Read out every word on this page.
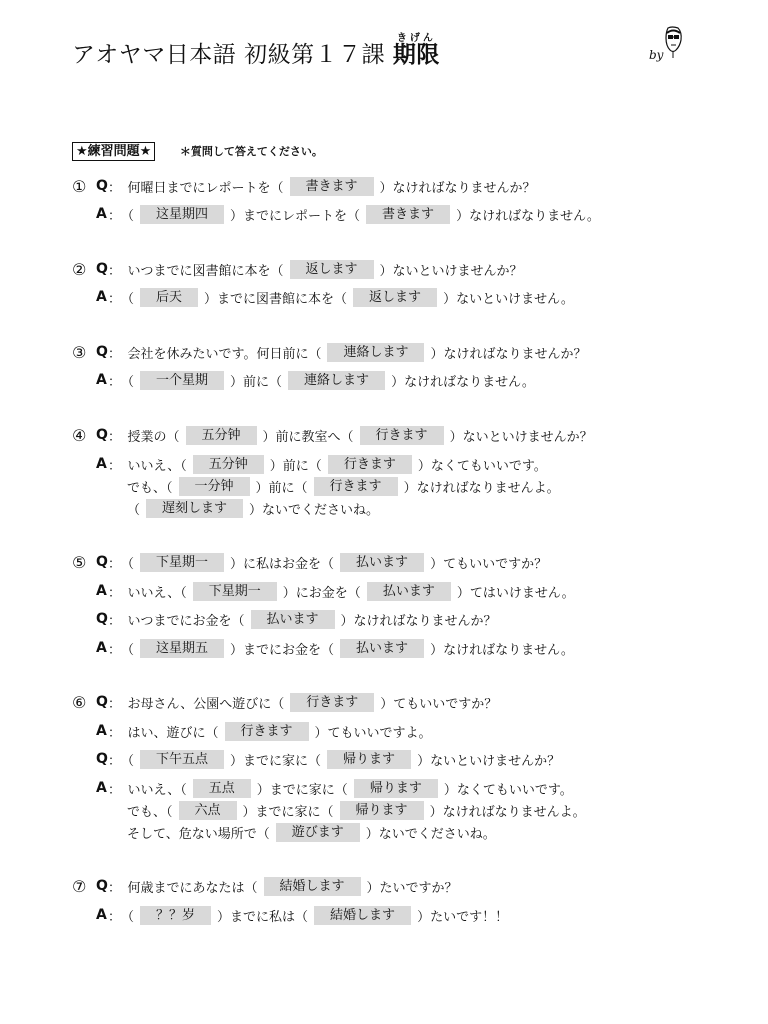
アオヤマ日本語 初級第１７課
きげん
期限	by
★練習問題★	＊質問して答えてください。
① Q ：　何曜日までにレポートを（	書きます	）なければなりませんか？
A ：　（	这星期四	）までにレポートを（	書きます	）なければなりません。
② Q ：　いつまでに図書館に本を（	返します	）ないといけませんか？
A ：　（	后天	）までに図書館に本を（	返します	）ないといけません。
③ Q ：　会社を休みたいです。何日前に（	連絡します	）なければなりませんか？
A ：　（	一个星期	）前に（	連絡します	）なければなりません。
④ Q ：　授業の（	五分钟	）前に教室へ（	行きます	）ないといけませんか？
A ：　いいえ、（	五分钟	）前に（	行きます	）なくてもいいです。
でも、（	一分钟	）前に（	行きます	）なければなりませんよ。
（	遅刻します	）ないでくださいね。
⑤ Q ：　（	下星期一	）に私はお金を（	払います	）てもいいですか？
A ：　いいえ、（	下星期一	）にお金を（	払います	）てはいけません。
Q ：　いつまでにお金を（	払います	）なければなりませんか？
A ：　（	这星期五	）までにお金を（	払います	）なければなりません。
⑥ Q ：　お母さん、公園へ遊びに（	行きます	）てもいいですか？
A ：　はい、遊びに（	行きます	）てもいいですよ。
Q ：　（	下午五点	）までに家に（	帰ります	）ないといけませんか？
A ：　いいえ、（	五点	）までに家に（	帰ります	）なくてもいいです。
でも、（	六点	）までに家に（	帰ります	）なければなりませんよ。
そして、危ない場所で（	遊びます	）ないでくださいね。
⑦ Q ：　何歳までにあなたは（	結婚します	）たいですか？
A ：　（	？？岁	）までに私は（	結婚します	）たいです！！
